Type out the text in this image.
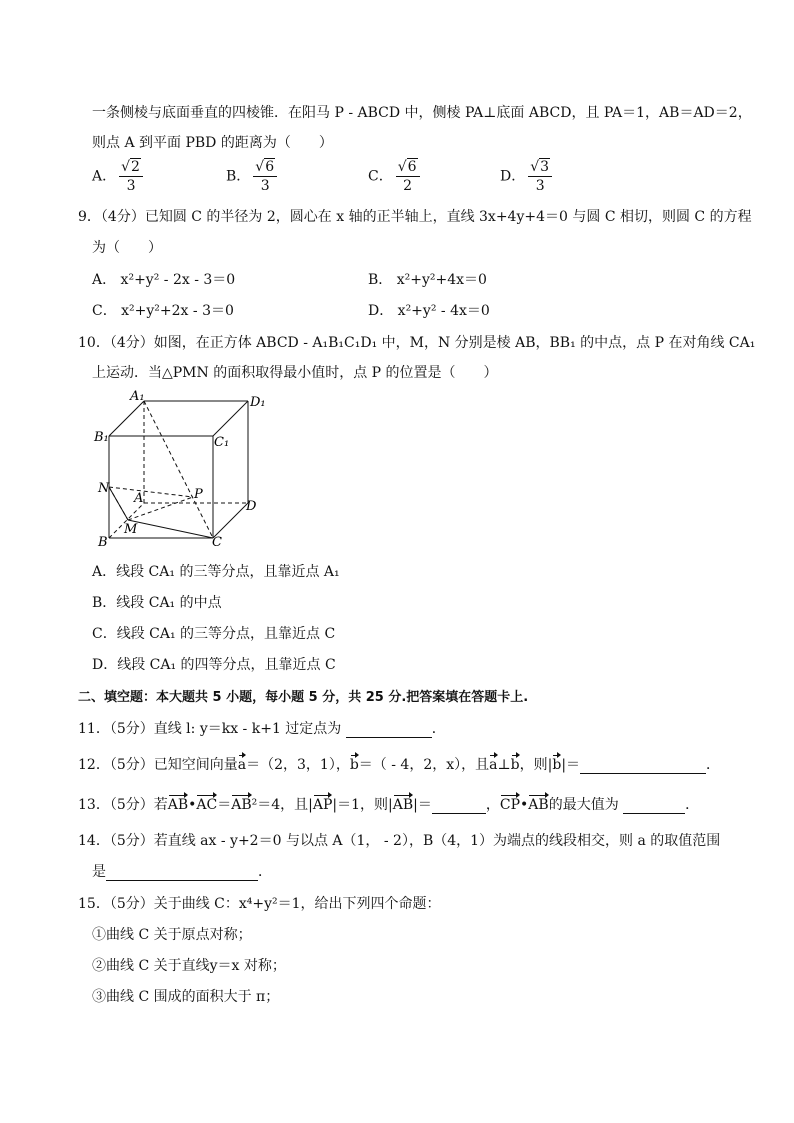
一条侧棱与底面垂直的四棱锥．在阳马 P - ABCD 中，侧棱 PA⊥底面 ABCD，且 PA＝1，AB＝AD＝2，
则点 A 到平面 PBD 的距离为（　　）
A． $\frac{√2}{3}$	B． $\frac{√6}{3}$	C． $\frac{√6}{2}$	D． $\frac{√3}{3}$
9．（4分）已知圆 C 的半径为 2，圆心在 x 轴的正半轴上，直线 3x+4y+4＝0 与圆 C 相切，则圆 C 的方程
为（　　）
A． x²+y² - 2x - 3＝0	B． x²+y²+4x＝0
C． x²+y²+2x - 3＝0	D． x²+y² - 4x＝0
10．（4分）如图，在正方体 ABCD - A₁B₁C₁D₁ 中，M，N 分别是棱 AB，BB₁ 的中点，点 P 在对角线 CA₁
上运动．当△PMN 的面积取得最小值时，点 P 的位置是（　　）
A₁	D₁
B₁	C₁
N
A	P
D
M
B	C
A．线段 CA₁ 的三等分点，且靠近点 A₁
B．线段 CA₁ 的中点
C．线段 CA₁ 的三等分点，且靠近点 C
D．线段 CA₁ 的四等分点，且靠近点 C
二、填空题：本大题共 5 小题，每小题 5 分，共 25 分.把答案填在答题卡上.
11．（5分）直线 l: y＝kx - k+1 过定点为	．
12．（5分）已知空间向量a＝（2，3，1），b＝（ - 4，2，x），且a⊥b，则|b|＝	．
13．（5分）若AB•AC＝AB²＝4，且|AP|＝1，则|AB|＝	，CP•AB的最大值为	．
14．（5分）若直线 ax - y+2＝0 与以点 A（1， - 2），B（4，1）为端点的线段相交，则 a 的取值范围
是	．
15．（5分）关于曲线 C：x⁴+y²＝1，给出下列四个命题：
①曲线 C 关于原点对称；
②曲线 C 关于直线y＝x 对称；
③曲线 C 围成的面积大于 π；
